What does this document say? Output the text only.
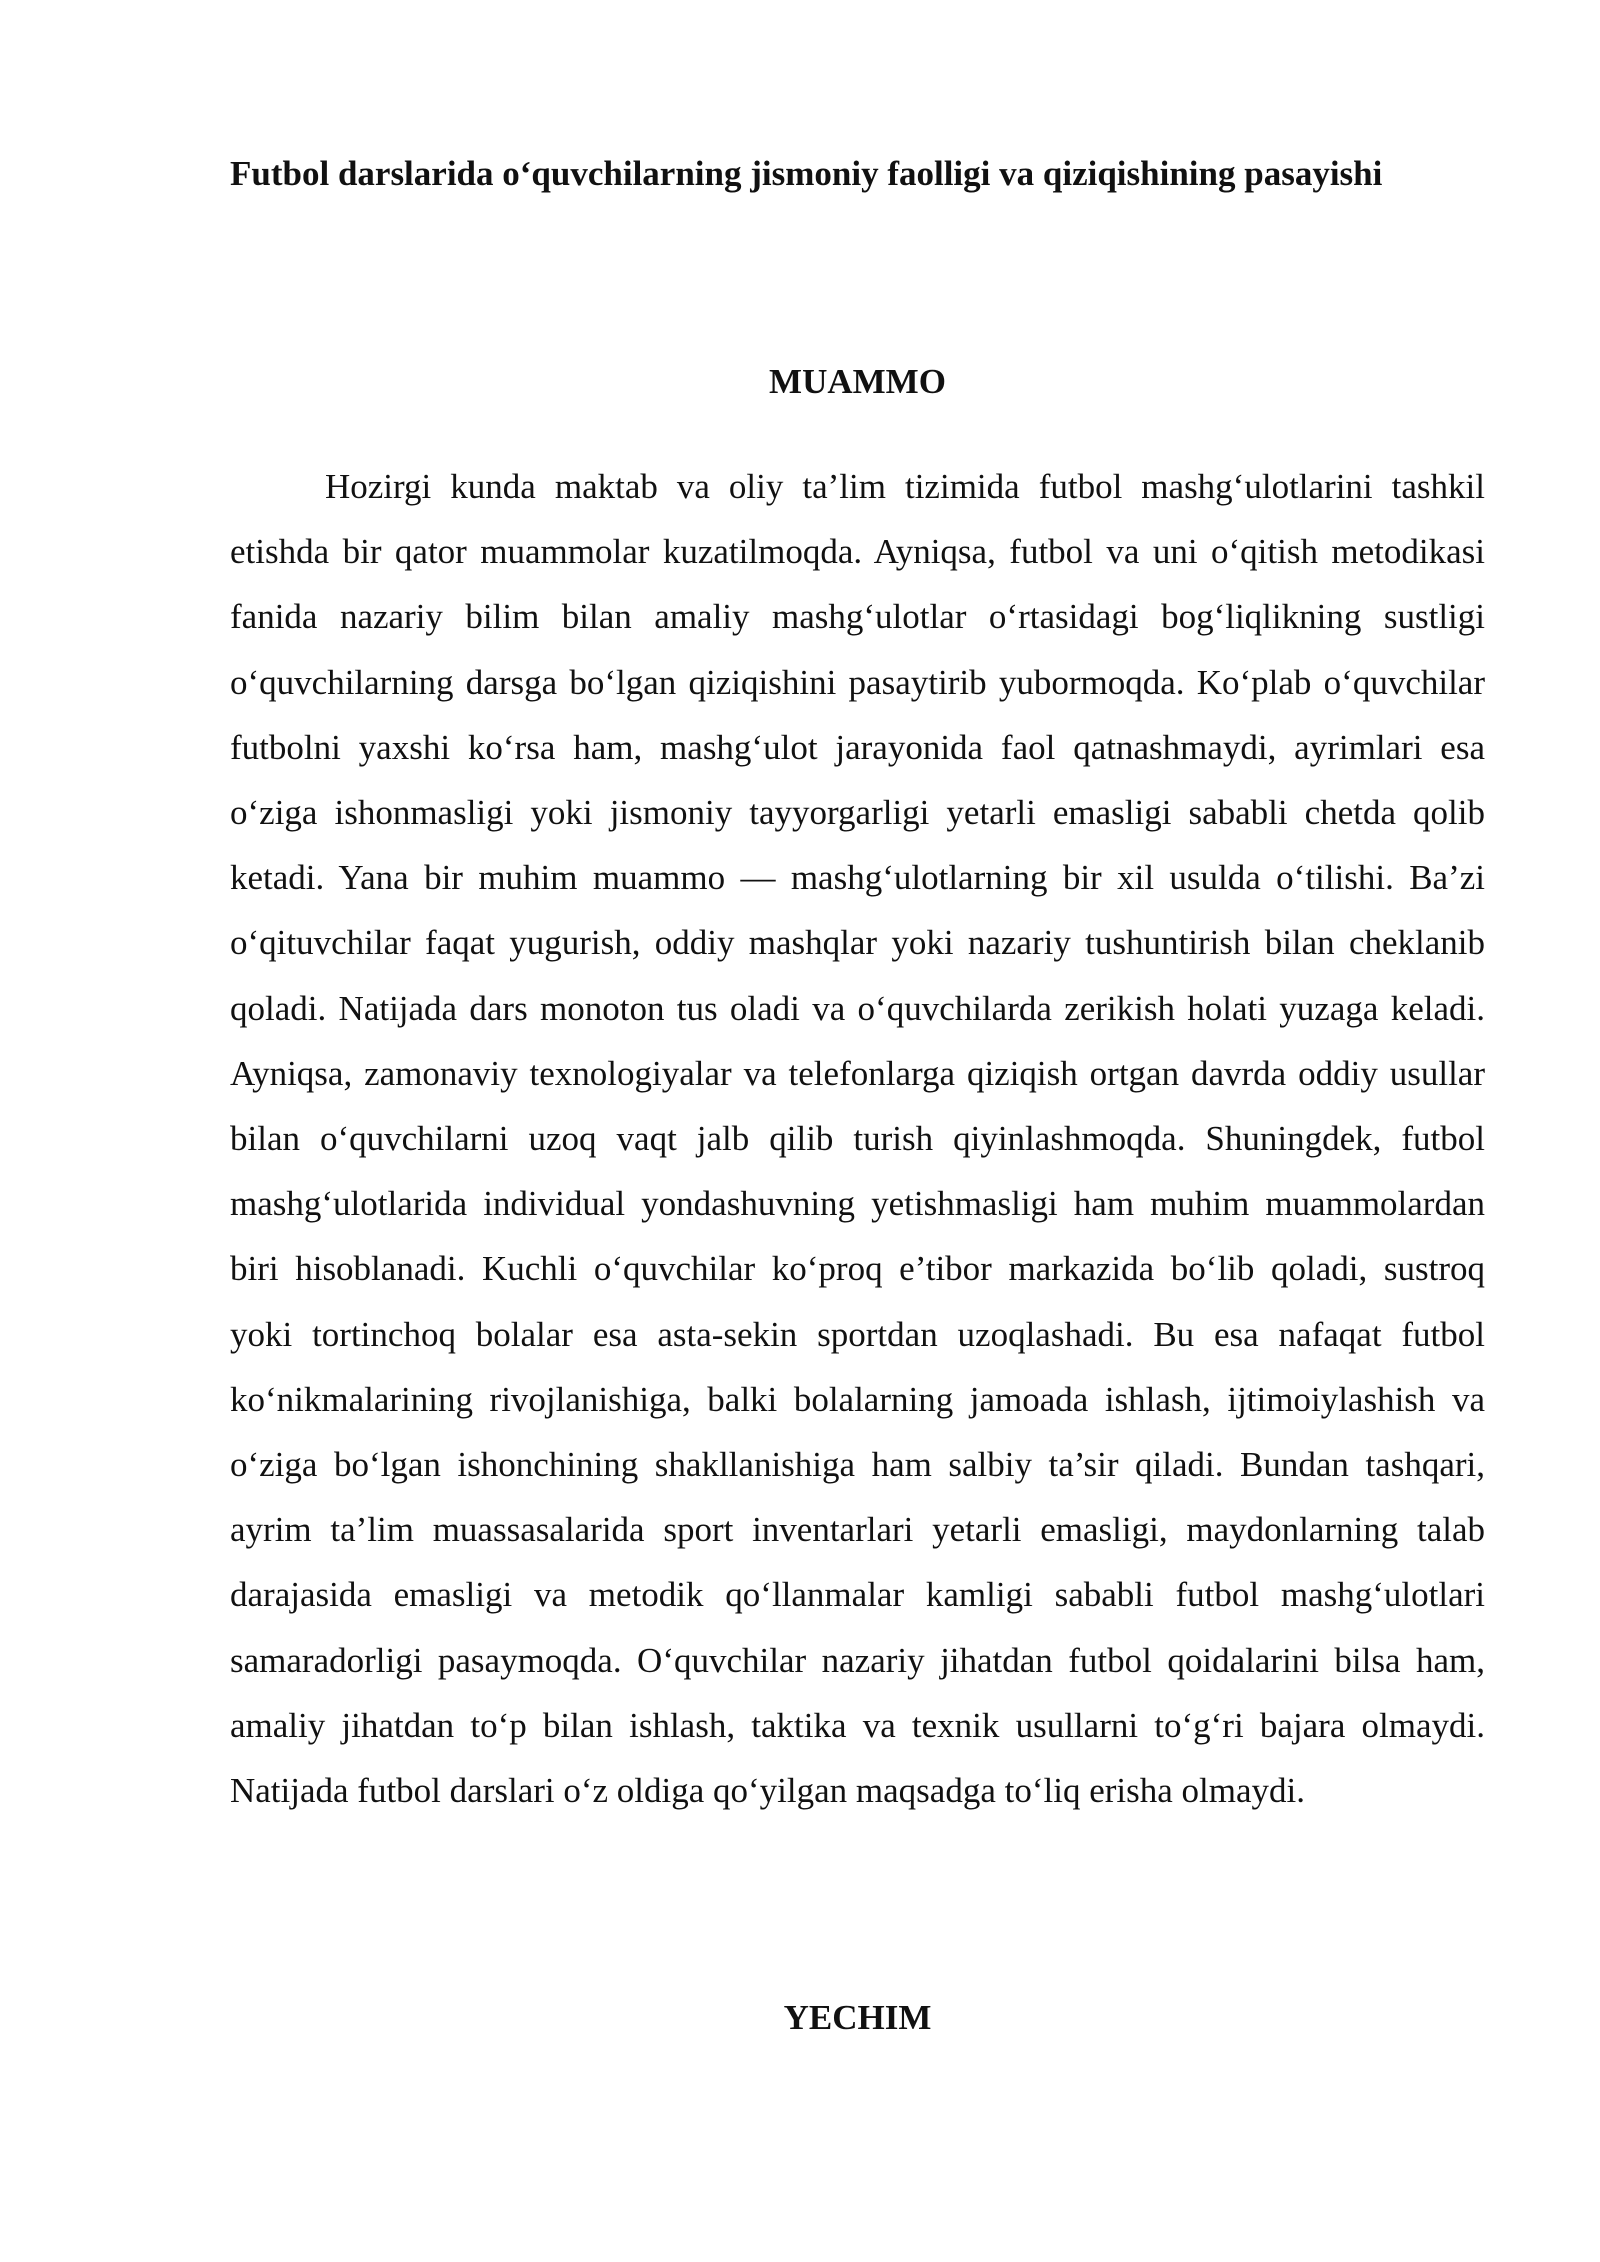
Futbol darslarida o‘quvchilarning jismoniy faolligi va qiziqishining pasayishi
MUAMMO

Hozirgi kunda maktab va oliy ta’lim tizimida futbol mashg‘ulotlarini tashkil etishda bir qator muammolar kuzatilmoqda. Ayniqsa, futbol va uni o‘qitish metodikasi fanida nazariy bilim bilan amaliy mashg‘ulotlar o‘rtasidagi bog‘liqlikning sustligi o‘quvchilarning darsga bo‘lgan qiziqishini pasaytirib yubormoqda. Ko‘plab o‘quvchilar futbolni yaxshi ko‘rsa ham, mashg‘ulot jarayonida faol qatnashmaydi, ayrimlari esa o‘ziga ishonmasligi yoki jismoniy tayyorgarligi yetarli emasligi sababli chetda qolib ketadi. Yana bir muhim muammo — mashg‘ulotlarning bir xil usulda o‘tilishi. Ba’zi o‘qituvchilar faqat yugurish, oddiy mashqlar yoki nazariy tushuntirish bilan cheklanib qoladi. Natijada dars monoton tus oladi va o‘quvchilarda zerikish holati yuzaga keladi. Ayniqsa, zamonaviy texnologiyalar va telefonlarga qiziqish ortgan davrda oddiy usullar bilan o‘quvchilarni uzoq vaqt jalb qilib turish qiyinlashmoqda. Shuningdek, futbol mashg‘ulotlarida individual yondashuvning yetishmasligi ham muhim muammolardan biri hisoblanadi. Kuchli o‘quvchilar ko‘proq e’tibor markazida bo‘lib qoladi, sustroq yoki tortinchoq bolalar esa asta-sekin sportdan uzoqlashadi. Bu esa nafaqat futbol ko‘nikmalarining rivojlanishiga, balki bolalarning jamoada ishlash, ijtimoiylashish va o‘ziga bo‘lgan ishonchining shakllanishiga ham salbiy ta’sir qiladi. Bundan tashqari, ayrim ta’lim muassasalarida sport inventarlari yetarli emasligi, maydonlarning talab darajasida emasligi va metodik qo‘llanmalar kamligi sababli futbol mashg‘ulotlari samaradorligi pasaymoqda. O‘quvchilar nazariy jihatdan futbol qoidalarini bilsa ham, amaliy jihatdan to‘p bilan ishlash, taktika va texnik usullarni to‘g‘ri bajara olmaydi. Natijada futbol darslari o‘z oldiga qo‘yilgan maqsadga to‘liq erisha olmaydi.

YECHIM
